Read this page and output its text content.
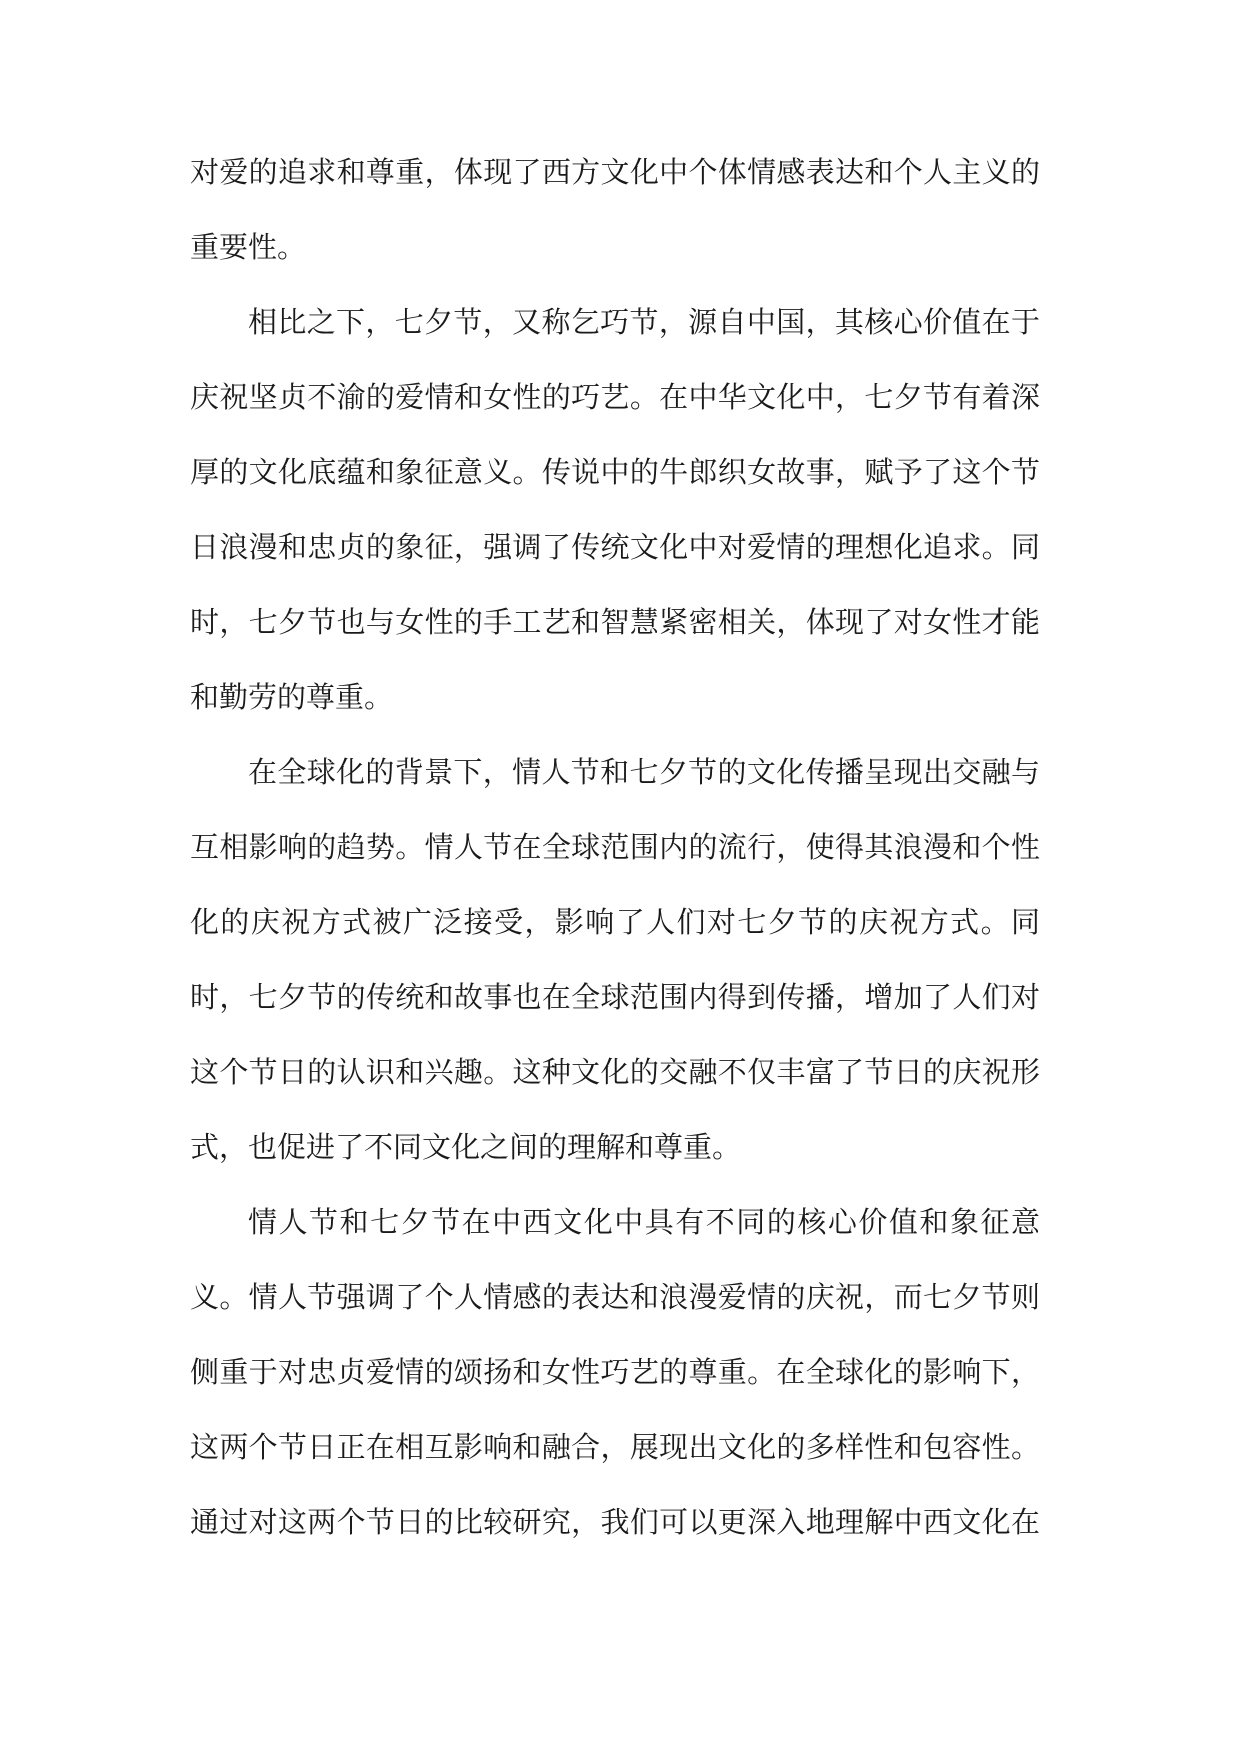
对爱的追求和尊重，体现了西方文化中个体情感表达和个人主义的
重要性。
相比之下，七夕节，又称乞巧节，源自中国，其核心价值在于
庆祝坚贞不渝的爱情和女性的巧艺。在中华文化中，七夕节有着深
厚的文化底蕴和象征意义。传说中的牛郎织女故事，赋予了这个节
日浪漫和忠贞的象征，强调了传统文化中对爱情的理想化追求。同
时，七夕节也与女性的手工艺和智慧紧密相关，体现了对女性才能
和勤劳的尊重。
在全球化的背景下，情人节和七夕节的文化传播呈现出交融与
互相影响的趋势。情人节在全球范围内的流行，使得其浪漫和个性
化的庆祝方式被广泛接受，影响了人们对七夕节的庆祝方式。同
时，七夕节的传统和故事也在全球范围内得到传播，增加了人们对
这个节日的认识和兴趣。这种文化的交融不仅丰富了节日的庆祝形
式，也促进了不同文化之间的理解和尊重。
情人节和七夕节在中西文化中具有不同的核心价值和象征意
义。情人节强调了个人情感的表达和浪漫爱情的庆祝，而七夕节则
侧重于对忠贞爱情的颂扬和女性巧艺的尊重。在全球化的影响下，
这两个节日正在相互影响和融合，展现出文化的多样性和包容性。
通过对这两个节日的比较研究，我们可以更深入地理解中西文化在
